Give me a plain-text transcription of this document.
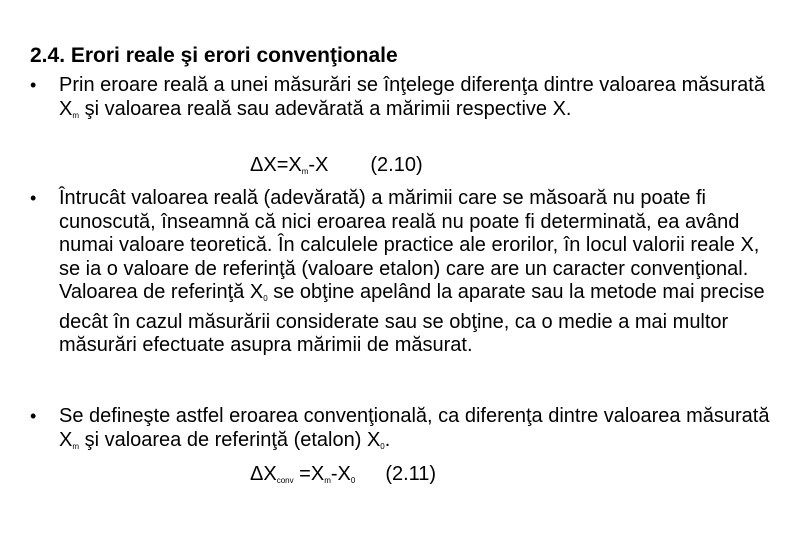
2.4. Erori reale şi erori convenţionale
•	Prin eroare reală a unei măsurări se înţelege diferenţa dintre valoarea măsurată $X_m$ şi valoarea reală sau adevărată a mărimii respective X.
$\Delta X=X_m-X$ (2.10)
•	Întrucât valoarea reală (adevărată) a mărimii care se măsoară nu poate fi cunoscută, înseamnă că nici eroarea reală nu poate fi determinată, ea având numai valoare teoretică. În calculele practice ale erorilor, în locul valorii reale X, se ia o valoare de referinţă (valoare etalon) care are un caracter convenţional. Valoarea de referinţă $X_0$ se obţine apelând la aparate sau la metode mai precise decât în cazul măsurării considerate sau se obţine, ca o medie a mai multor măsurări efectuate asupra mărimii de măsurat.
•	Se defineşte astfel eroarea convenţională, ca diferenţa dintre valoarea măsurată $X_m$ şi valoarea de referinţă (etalon) $X_0$.
$\Delta X_{conv} =X_m-X_0$ (2.11)
